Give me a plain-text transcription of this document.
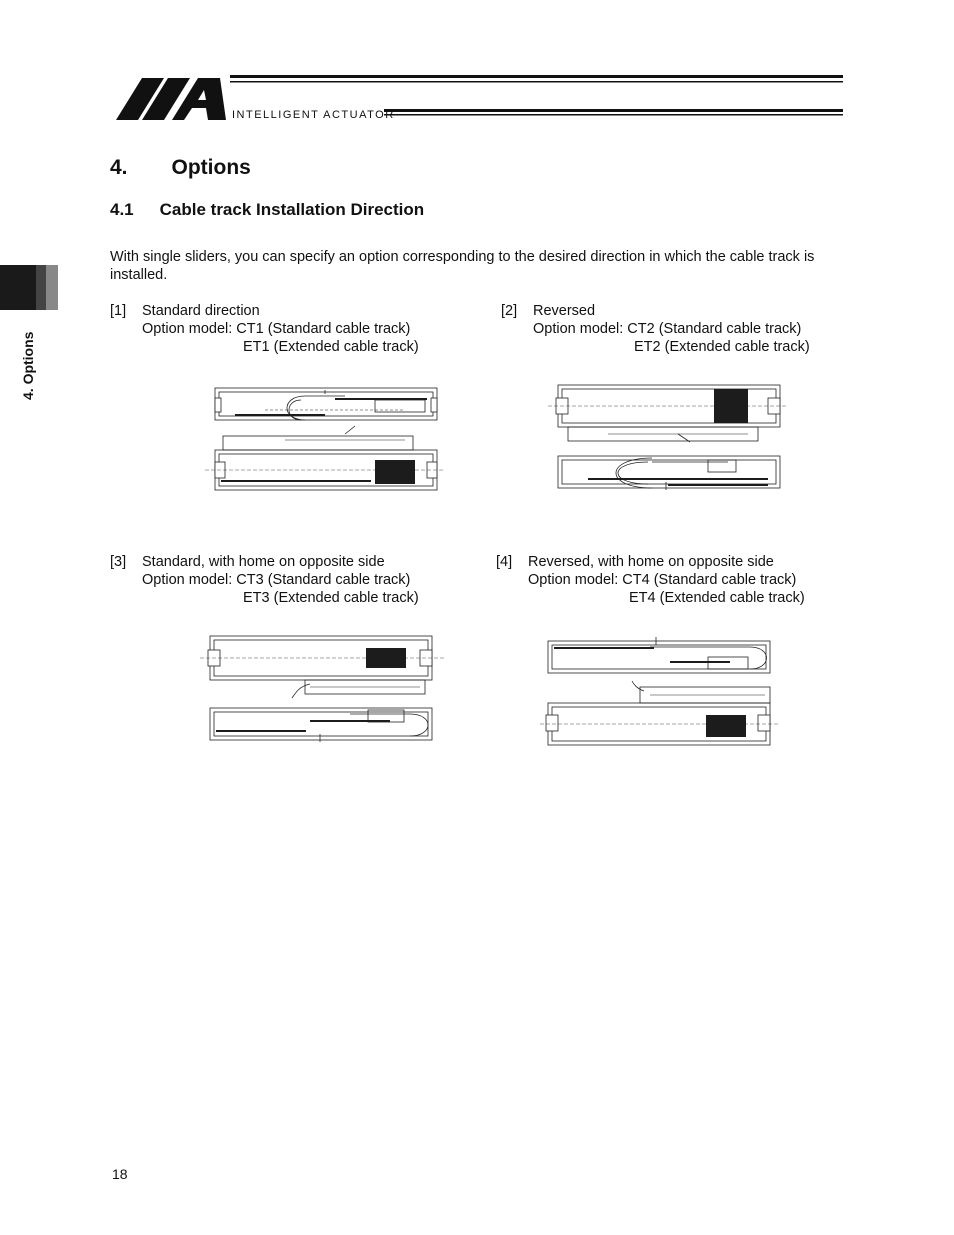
INTELLIGENT ACTUATOR
4. Options
4. Options
4.1 Cable track Installation Direction

With single sliders, you can specify an option corresponding to the desired direction in which the cable track is installed.

[1] Standard direction
Option model: CT1 (Standard cable track)
ET1 (Extended cable track)
[2] Reversed
Option model: CT2 (Standard cable track)
ET2 (Extended cable track)
[3] Standard, with home on opposite side
Option model: CT3 (Standard cable track)
ET3 (Extended cable track)
[4] Reversed, with home on opposite side
Option model: CT4 (Standard cable track)
ET4 (Extended cable track)
18
